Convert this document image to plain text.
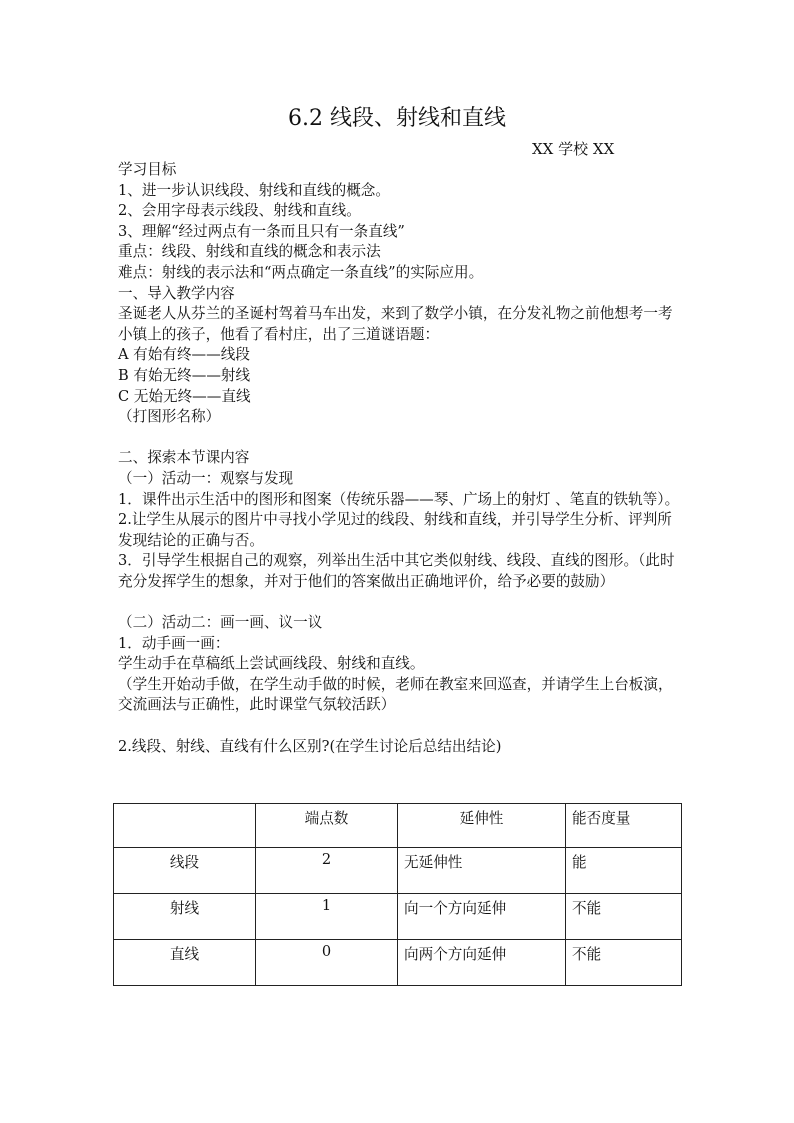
6.2 线段、射线和直线
XX 学校 XX

学习目标

1、进一步认识线段、射线和直线的概念。

2、会用字母表示线段、射线和直线。

3、理解“经过两点有一条而且只有一条直线”

重点：线段、射线和直线的概念和表示法

难点：射线的表示法和“两点确定一条直线”的实际应用。

一、导入教学内容

圣诞老人从芬兰的圣诞村驾着马车出发，来到了数学小镇，在分发礼物之前他想考一考小镇上的孩子，他看了看村庄，出了三道谜语题：

A 有始有终——线段

B 有始无终——射线

C 无始无终——直线

（打图形名称）

二、探索本节课内容

（一）活动一：观察与发现

1．课件出示生活中的图形和图案（传统乐器——琴、广场上的射灯 、笔直的铁轨等）。

2.让学生从展示的图片中寻找小学见过的线段、射线和直线，并引导学生分析、评判所发现结论的正确与否。

3．引导学生根据自己的观察，列举出生活中其它类似射线、线段、直线的图形。（此时充分发挥学生的想象，并对于他们的答案做出正确地评价，给予必要的鼓励）

（二）活动二：画一画、议一议

1．动手画一画：

学生动手在草稿纸上尝试画线段、射线和直线。

（学生开始动手做，在学生动手做的时候，老师在教室来回巡查，并请学生上台板演，交流画法与正确性，此时课堂气氛较活跃）

2.线段、射线、直线有什么区别?(在学生讨论后总结出结论)

	端点数	延伸性	能否度量
线段	2	无延伸性	能
射线	1	向一个方向延伸	不能
直线	0	向两个方向延伸	不能
